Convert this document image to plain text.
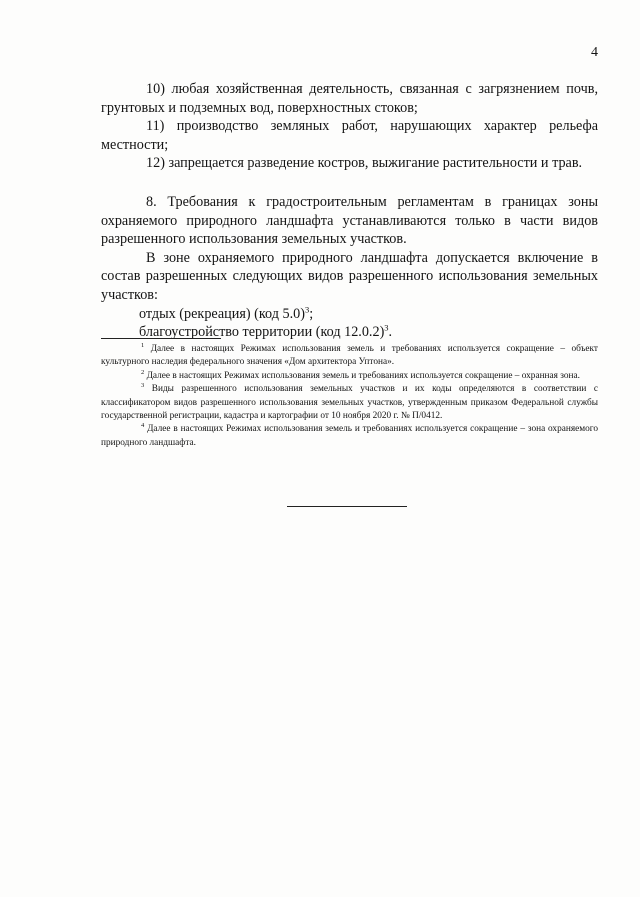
4

10) любая хозяйственная деятельность, связанная с загрязнением почв, грунтовых и подземных вод, поверхностных стоков;

11) производство земляных работ, нарушающих характер рельефа местности;

12) запрещается разведение костров, выжигание растительности и трав.

8. Требования к градостроительным регламентам в границах зоны охраняемого природного ландшафта устанавливаются только в части видов разрешенного использования земельных участков.

В зоне охраняемого природного ландшафта допускается включение в состав разрешенных следующих видов разрешенного использования земельных участков:

отдых (рекреация) (код 5.0)$^3$;

благоустройство территории (код 12.0.2)$^3$.

$^1$ Далее в настоящих Режимах использования земель и требованиях используется сокращение – объект культурного наследия федерального значения «Дом архитектора Уптона».

$^2$ Далее в настоящих Режимах использования земель и требованиях используется сокращение – охранная зона.

$^3$ Виды разрешенного использования земельных участков и их коды определяются в соответствии с классификатором видов разрешенного использования земельных участков, утвержденным приказом Федеральной службы государственной регистрации, кадастра и картографии от 10 ноября 2020 г. № П/0412.

$^4$ Далее в настоящих Режимах использования земель и требованиях используется сокращение – зона охраняемого природного ландшафта.
